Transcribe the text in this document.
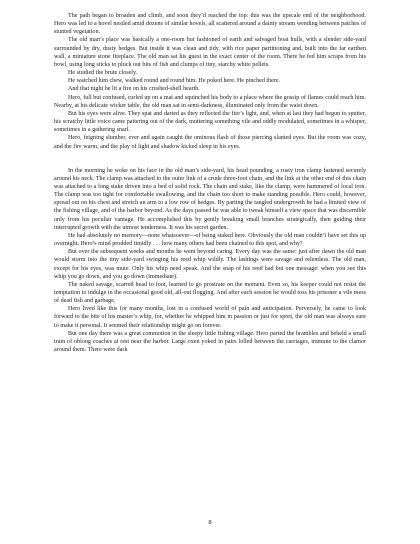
The path began to broaden and climb, and soon they’d reached the top: this was the upscale end of the neighborhood. Hero was led to a hovel nestled amid dozens of similar hovels, all scattered around a dainty stream wending between patches of stunted vegetation.

The old man’s place was basically a one-room hut fashioned of earth and salvaged boat hulls, with a slender side-yard surrounded by dry, dusty hedges. But inside it was clean and tidy, with rice paper partitioning and, built into the far earthen wall, a miniature stone fireplace. The old man sat his guest in the exact center of the room. There he fed him scraps from his bowl, using long sticks to pluck out bits of fish and clumps of tiny, starchy white pellets.

He studied the brute closely.

He watched him chew, walked round and round him. He poked here. He pinched there.

And that night he lit a fire on his crushed-shell hearth.

Hero, full but confused, curled up on a mat and squinched his body to a place where the gossip of flames could reach him. Nearby, at his delicate wicker table, the old man sat in semi-darkness, illuminated only from the waist down.

But his eyes were alive. They spat and darted as they reflected the fire’s light, and, when at last they had begun to sputter, his scratchy little voice came pattering out of the dark, muttering something vile and oddly modulated, sometimes in a whisper, sometimes in a gathering snarl.

Hero, feigning slumber, ever and again caught the ominous flash of those piercing slanted eyes. But the room was cozy, and the fire warm, and the play of light and shadow kicked sleep in his eyes.

In the morning he woke on his face in the old man’s side-yard, his head pounding, a rusty iron clamp fastened securely around his neck. The clamp was attached to the outer link of a crude three-foot chain, and the link at the other end of this chain was attached to a long stake driven into a bed of solid rock. The chain and stake, like the clamp, were hammered of local iron. The clamp was too tight for comfortable swallowing, and the chain too short to make standing possible. Hero could, however, spread out on his chest and stretch an arm to a low row of hedges. By parting the tangled undergrowth he had a limited view of the fishing village, and of the harbor beyond. As the days passed he was able to tweak himself a view space that was discernible only from his peculiar vantage. He accomplished this by gently breaking small branches strategically, then guiding their interrupted growth with the utmost tenderness. It was his secret garden.

He had absolutely no memory—none whatsoever—of being staked here. Obviously the old man couldn’t have set this up overnight. Hero’s mind prodded timidly . . . how many others had been chained to this spot, and why?

But over the subsequent weeks and months he went beyond caring. Every day was the same: just after dawn the old man would storm into the tiny side-yard swinging his reed whip wildly. The lashings were savage and relentless. The old man, except for his eyes, was mute. Only his whip need speak. And the snap of his reed had but one message: when you see this whip you go down, and you go down (immediate).

The naked savage, scarred head to foot, learned to go prostrate on the moment. Even so, his keeper could not resist the temptation to indulge in the occasional good old, all-out flogging. And after each session he would toss his prisoner a vile mess of dead fish and garbage.

Hero lived like this for many months, lost in a confused world of pain and anticipation. Perversely, he came to look forward to the bite of his master’s whip, for, whether he whipped him in passion or just for sport, the old man was always sure to make it personal. It seemed their relationship might go on forever.

But one day there was a great commotion in the sleepy little fishing village. Hero parted the brambles and beheld a small train of oblong coaches at rest near the harbor. Large oxen yoked in pairs lolled between the carriages, immune to the clamor around them. There were dark

8
